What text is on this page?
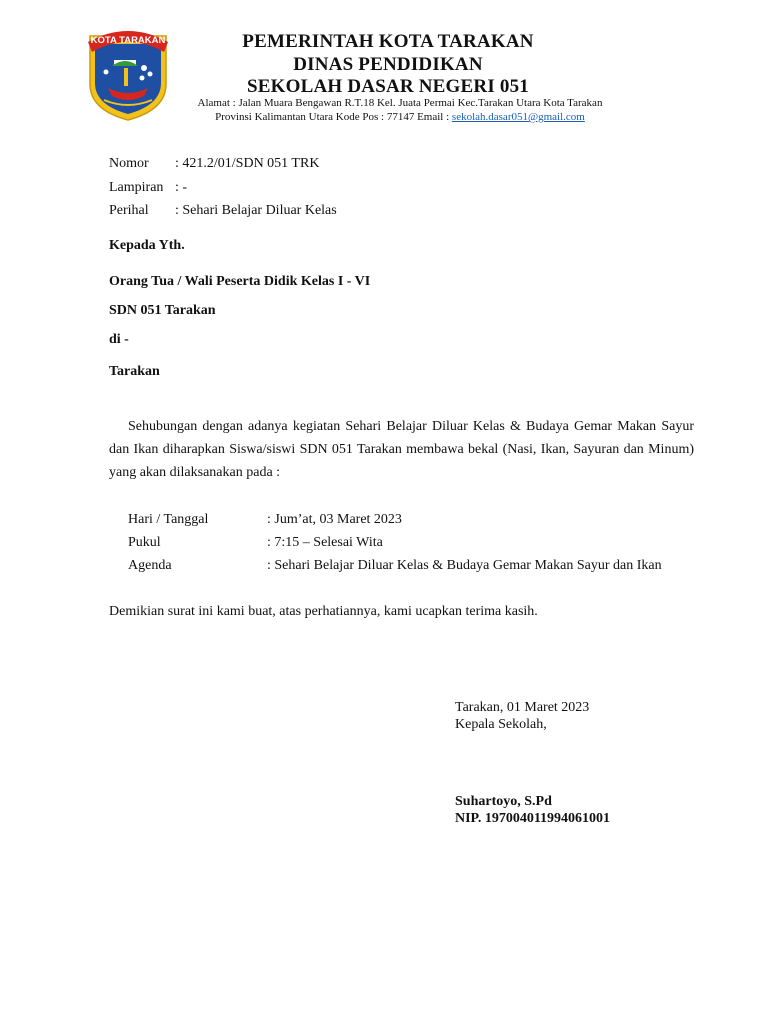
KOTA TARAKAN	PEMERINTAH KOTA TARAKAN
DINAS PENDIDIKAN
SEKOLAH DASAR NEGERI 051
Alamat : Jalan Muara Bengawan R.T.18 Kel. Juata Permai Kec.Tarakan Utara Kota Tarakan
Provinsi Kalimantan Utara Kode Pos : 77147 Email : sekolah.dasar051@gmail.com
Nomor : 421.2/01/SDN 051 TRK
Lampiran : -
Perihal : Sehari Belajar Diluar Kelas
Kepada Yth.
Orang Tua / Wali Peserta Didik Kelas I - VI
SDN 051 Tarakan
di -
Tarakan
Sehubungan dengan adanya kegiatan Sehari Belajar Diluar Kelas & Budaya Gemar Makan Sayur dan Ikan diharapkan Siswa/siswi SDN 051 Tarakan membawa bekal (Nasi, Ikan, Sayuran dan Minum) yang akan dilaksanakan pada :
Hari / Tanggal	: Jum’at, 03 Maret 2023
Pukul	: 7:15 – Selesai Wita
Agenda	: Sehari Belajar Diluar Kelas & Budaya Gemar Makan Sayur dan Ikan
Demikian surat ini kami buat, atas perhatiannya, kami ucapkan terima kasih.
Tarakan, 01 Maret 2023
Kepala Sekolah,
Suhartoyo, S.Pd
NIP. 197004011994061001
